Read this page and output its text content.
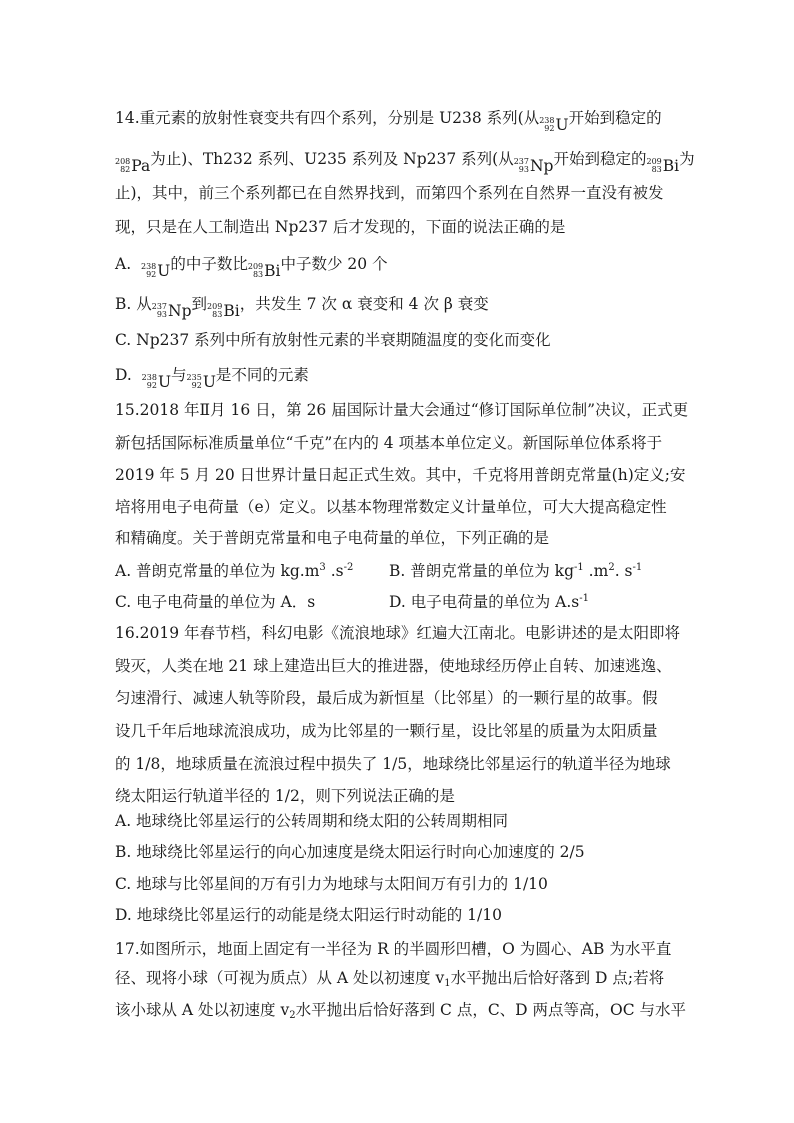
14.重元素的放射性衰变共有四个系列，分别是 U238 系列(从 238
92 U 开始到稳定的
208
82 Pa 为止)、Th232 系列、U235 系列及 Np237 系列(从 237
93 Np 开始到稳定的 209
83 Bi 为
止)，其中，前三个系列都已在自然界找到，而第四个系列在自然界一直没有被发
现，只是在人工制造出 Np237 后才发现的，下面的说法正确的是
A. 238
92 U 的中子数比 209
83 Bi 中子数少 20 个
B. 从 237
93 Np 到 209
83 Bi ，共发生 7 次 α 衰变和 4 次 β 衰变
C. Np237 系列中所有放射性元素的半衰期随温度的变化而变化
D. 238
92 U 与 235
92 U 是不同的元素
15.2018 年Ⅱ月 16 日，第 26 届国际计量大会通过“修订国际单位制”决议，正式更
新包括国际标准质量单位“千克”在内的 4 项基本单位定义。新国际单位体系将于
2019 年 5 月 20 日世界计量日起正式生效。其中，千克将用普朗克常量(h)定义;安
培将用电子电荷量（e）定义。以基本物理常数定义计量单位，可大大提高稳定性
和精确度。关于普朗克常量和电子电荷量的单位，下列正确的是
A. 普朗克常量的单位为 $kg.m^3$ $.s^{-2}$ B. 普朗克常量的单位为 $kg^{-1}$ $.m^2$. $s^{-1}$
C. 电子电荷量的单位为 A．s	D. 电子电荷量的单位为 $A.s^{-1}$
16.2019 年春节档，科幻电影《流浪地球》红遍大江南北。电影讲述的是太阳即将
毁灭，人类在地 21 球上建造出巨大的推进器，使地球经历停止自转、加速逃逸、
匀速滑行、减速人轨等阶段，最后成为新恒星（比邻星）的一颗行星的故事。假
设几千年后地球流浪成功，成为比邻星的一颗行星，设比邻星的质量为太阳质量
的 1/8，地球质量在流浪过程中损失了 1/5，地球绕比邻星运行的轨道半径为地球
绕太阳运行轨道半径的 1/2，则下列说法正确的是
A. 地球绕比邻星运行的公转周期和绕太阳的公转周期相同
B. 地球绕比邻星运行的向心加速度是绕太阳运行时向心加速度的 2/5
C. 地球与比邻星间的万有引力为地球与太阳间万有引力的 1/10
D. 地球绕比邻星运行的动能是绕太阳运行时动能的 1/10
17.如图所示，地面上固定有一半径为 R 的半圆形凹槽，O 为圆心、AB 为水平直
径、现将小球（可视为质点）从 A 处以初速度 $v_1$水平抛出后恰好落到 D 点;若将
该小球从 A 处以初速度 $v_2$水平抛出后恰好落到 C 点，C、D 两点等高，OC 与水平
